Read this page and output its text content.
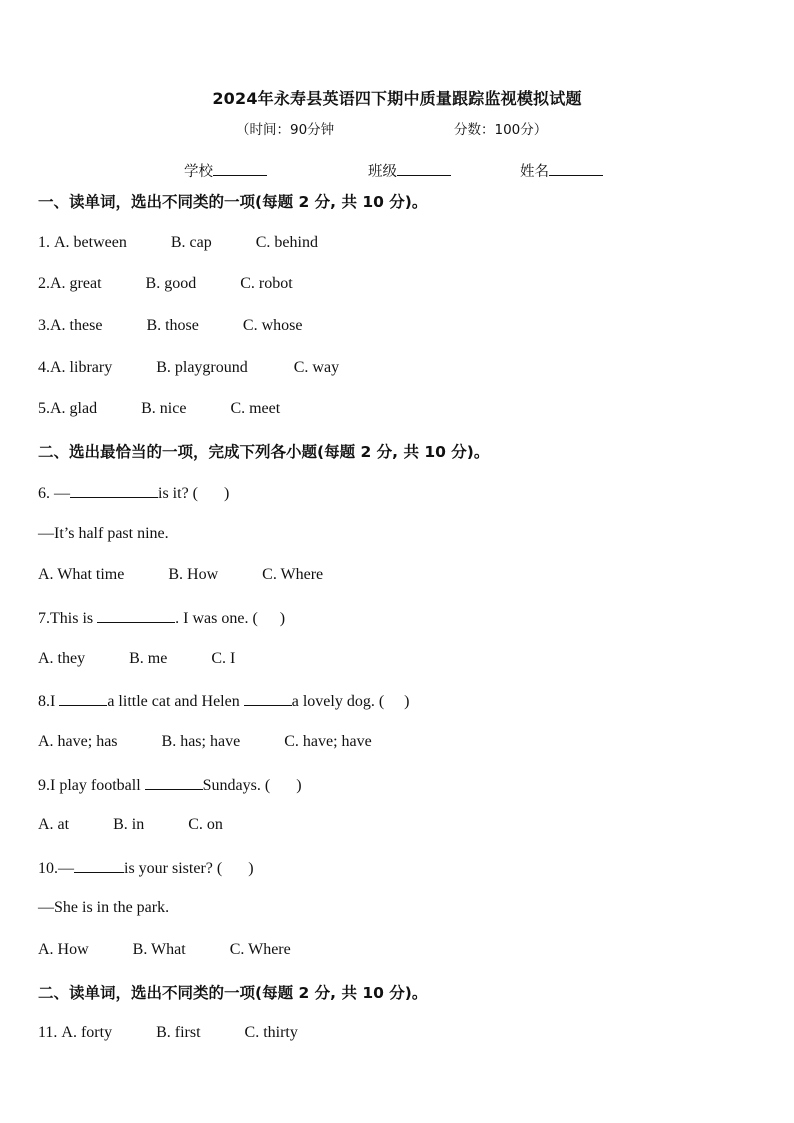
2024年永寿县英语四下期中质量跟踪监视模拟试题
（时间：90分钟	分数：100分）
学校	班级	姓名
一、读单词，选出不同类的一项(每题 2 分, 共 10 分)。
1. A. between	B. cap	C. behind
2.A. great	B. good	C. robot
3.A. these	B. those	C. whose
4.A. library	B. playground	C. way
5.A. glad	B. nice	C. meet
二、选出最恰当的一项，完成下列各小题(每题 2 分, 共 10 分)。
6. —	is it? ( )
—It’s half past nine.
A. What time	B. How	C. Where
7.This is	. I was one. ( )
A. they	B. me	C. I
8.I	a little cat and Helen	a lovely dog. ( )
A. have; has	B. has; have	C. have; have
9.I play football	Sundays. ( )
A. at	B. in	C. on
10.—	is your sister? ( )
—She is in the park.
A. How	B. What	C. Where
二、读单词，选出不同类的一项(每题 2 分, 共 10 分)。
11. A. forty	B. first	C. thirty
